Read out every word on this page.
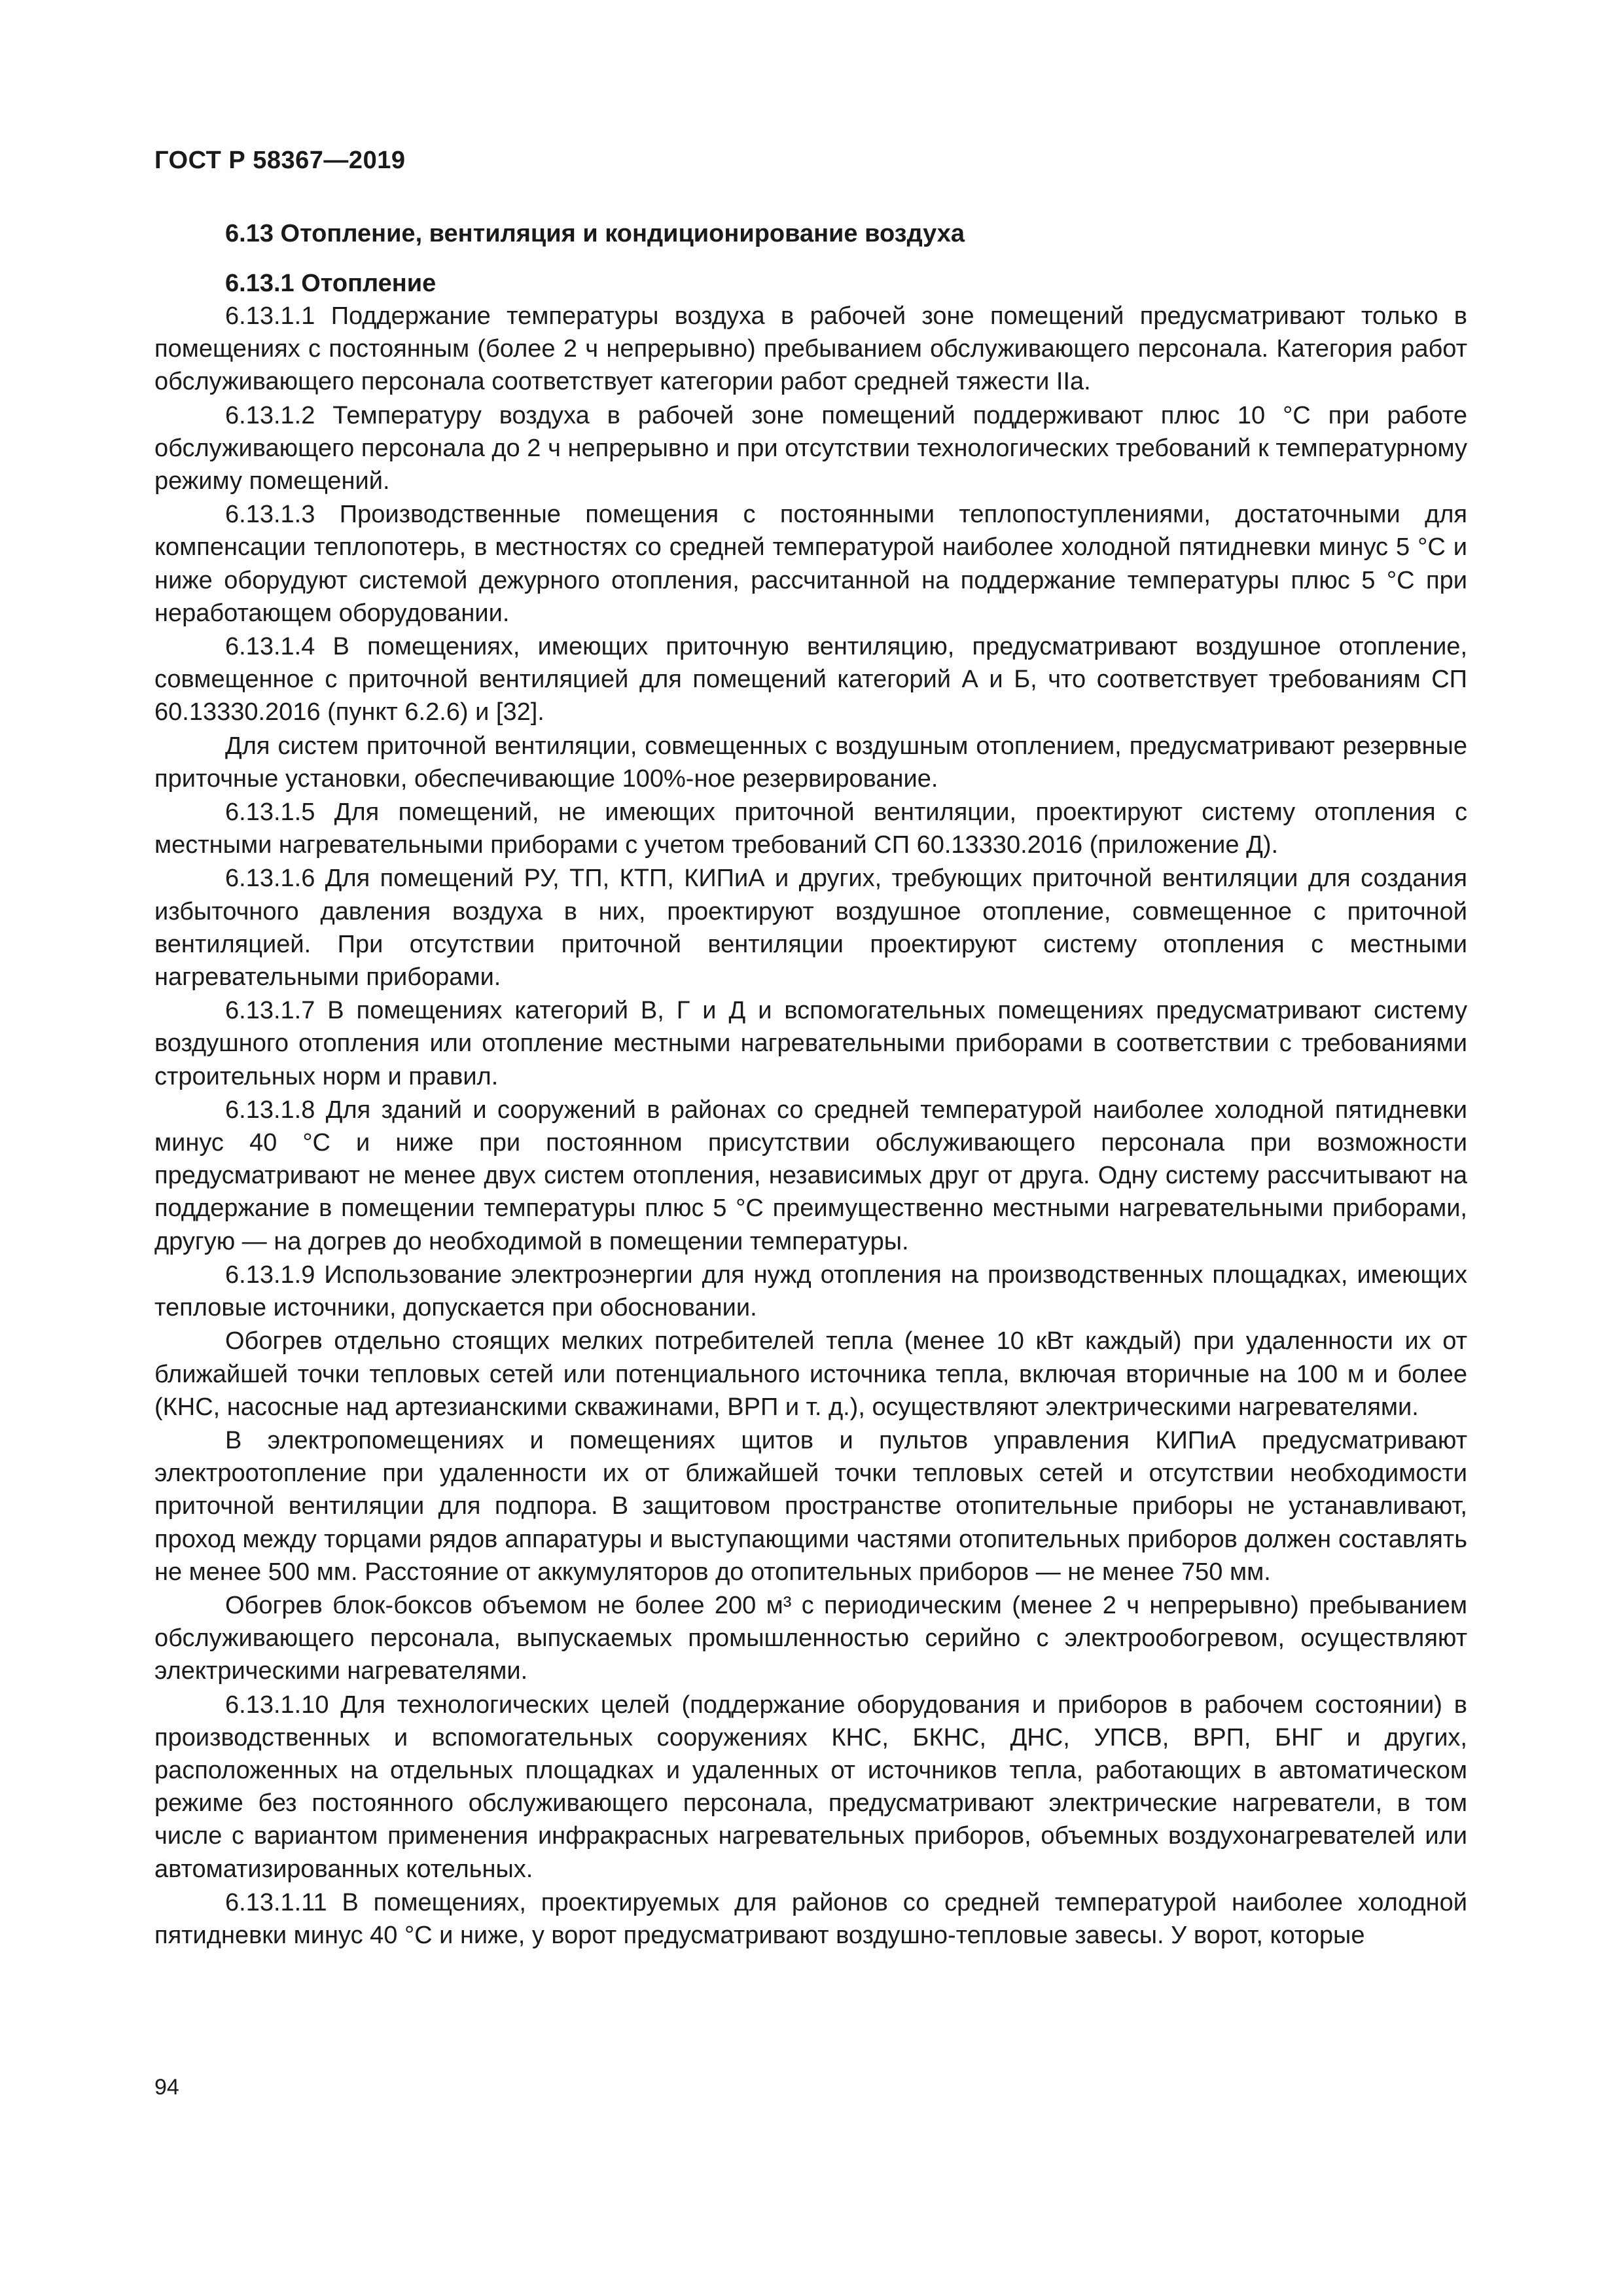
ГОСТ Р 58367—2019
6.13 Отопление, вентиляция и кондиционирование воздуха
6.13.1 Отопление

6.13.1.1 Поддержание температуры воздуха в рабочей зоне помещений предусматривают только в помещениях с постоянным (более 2 ч непрерывно) пребыванием обслуживающего персонала. Категория работ обслуживающего персонала соответствует категории работ средней тяжести IIа.

6.13.1.2 Температуру воздуха в рабочей зоне помещений поддерживают плюс 10 °С при работе обслуживающего персонала до 2 ч непрерывно и при отсутствии технологических требований к температурному режиму помещений.

6.13.1.3 Производственные помещения с постоянными теплопоступлениями, достаточными для компенсации теплопотерь, в местностях со средней температурой наиболее холодной пятидневки минус 5 °С и ниже оборудуют системой дежурного отопления, рассчитанной на поддержание температуры плюс 5 °С при неработающем оборудовании.

6.13.1.4 В помещениях, имеющих приточную вентиляцию, предусматривают воздушное отопление, совмещенное с приточной вентиляцией для помещений категорий А и Б, что соответствует требованиям СП 60.13330.2016 (пункт 6.2.6) и [32].

Для систем приточной вентиляции, совмещенных с воздушным отоплением, предусматривают резервные приточные установки, обеспечивающие 100%-ное резервирование.

6.13.1.5 Для помещений, не имеющих приточной вентиляции, проектируют систему отопления с местными нагревательными приборами с учетом требований СП 60.13330.2016 (приложение Д).

6.13.1.6 Для помещений РУ, ТП, КТП, КИПиА и других, требующих приточной вентиляции для создания избыточного давления воздуха в них, проектируют воздушное отопление, совмещенное с приточной вентиляцией. При отсутствии приточной вентиляции проектируют систему отопления с местными нагревательными приборами.

6.13.1.7 В помещениях категорий В, Г и Д и вспомогательных помещениях предусматривают систему воздушного отопления или отопление местными нагревательными приборами в соответствии с требованиями строительных норм и правил.

6.13.1.8 Для зданий и сооружений в районах со средней температурой наиболее холодной пятидневки минус 40 °С и ниже при постоянном присутствии обслуживающего персонала при возможности предусматривают не менее двух систем отопления, независимых друг от друга. Одну систему рассчитывают на поддержание в помещении температуры плюс 5 °С преимущественно местными нагревательными приборами, другую — на догрев до необходимой в помещении температуры.

6.13.1.9 Использование электроэнергии для нужд отопления на производственных площадках, имеющих тепловые источники, допускается при обосновании.

Обогрев отдельно стоящих мелких потребителей тепла (менее 10 кВт каждый) при удаленности их от ближайшей точки тепловых сетей или потенциального источника тепла, включая вторичные на 100 м и более (КНС, насосные над артезианскими скважинами, ВРП и т. д.), осуществляют электрическими нагревателями.

В электропомещениях и помещениях щитов и пультов управления КИПиА предусматривают электроотопление при удаленности их от ближайшей точки тепловых сетей и отсутствии необходимости приточной вентиляции для подпора. В защитовом пространстве отопительные приборы не устанавливают, проход между торцами рядов аппаратуры и выступающими частями отопительных приборов должен составлять не менее 500 мм. Расстояние от аккумуляторов до отопительных приборов — не менее 750 мм.

Обогрев блок-боксов объемом не более 200 м³ с периодическим (менее 2 ч непрерывно) пребыванием обслуживающего персонала, выпускаемых промышленностью серийно с электрообогревом, осуществляют электрическими нагревателями.

6.13.1.10 Для технологических целей (поддержание оборудования и приборов в рабочем состоянии) в производственных и вспомогательных сооружениях КНС, БКНС, ДНС, УПСВ, ВРП, БНГ и других, расположенных на отдельных площадках и удаленных от источников тепла, работающих в автоматическом режиме без постоянного обслуживающего персонала, предусматривают электрические нагреватели, в том числе с вариантом применения инфракрасных нагревательных приборов, объемных воздухонагревателей или автоматизированных котельных.

6.13.1.11 В помещениях, проектируемых для районов со средней температурой наиболее холодной пятидневки минус 40 °С и ниже, у ворот предусматривают воздушно-тепловые завесы. У ворот, которые

94
